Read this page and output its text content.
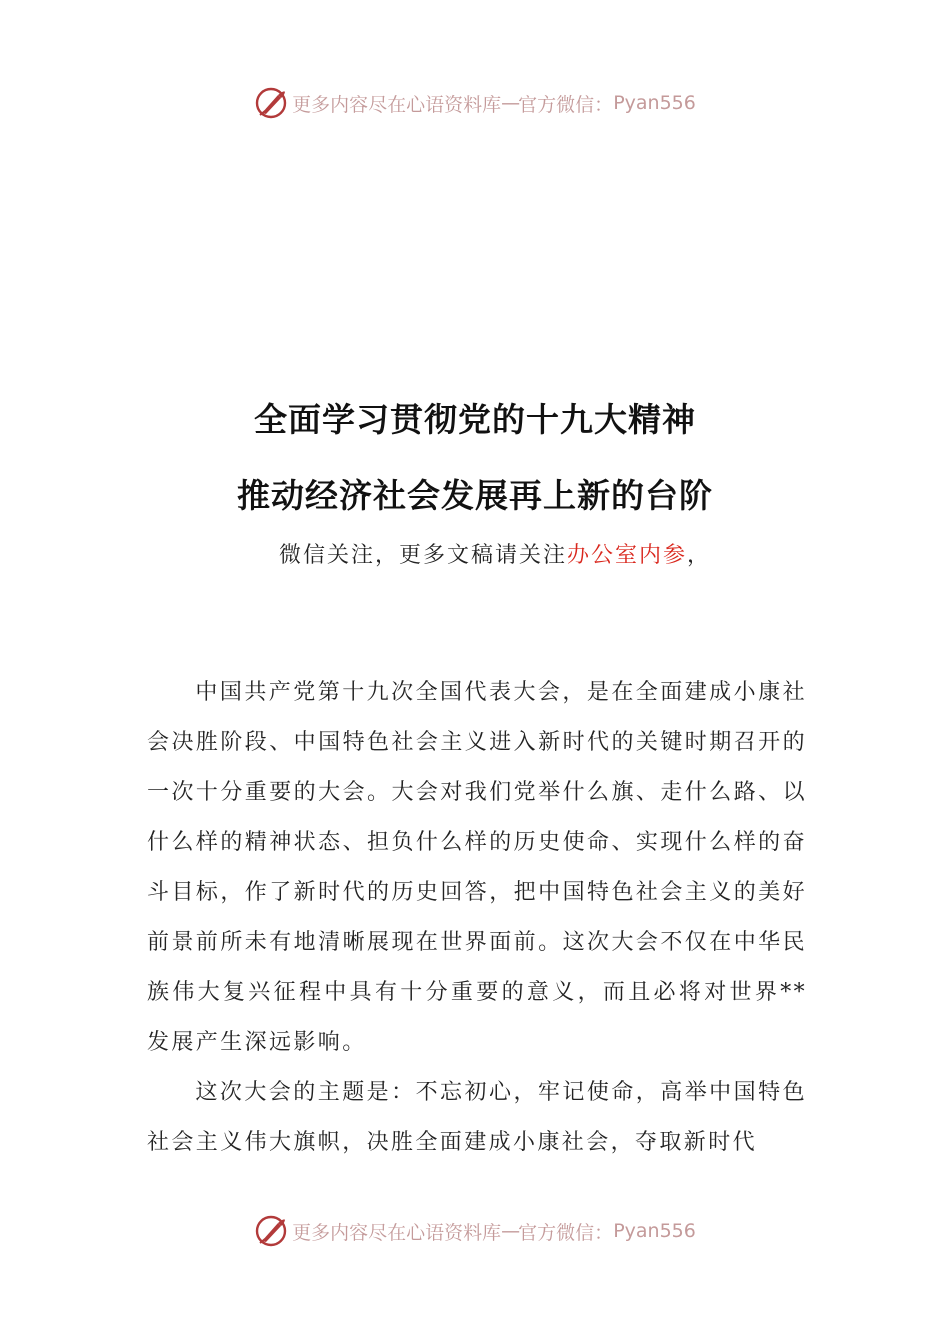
更多内容尽在心语资料库 — 官方微信： Pyan556
全面学习贯彻党的十九大精神
推动经济社会发展再上新的台阶
微信关注，更多文稿请关注办公室内参，

中国共产党第十九次全国代表大会，是在全面建成小康社会决胜阶段、中国特色社会主义进入新时代的关键时期召开的一次十分重要的大会。大会对我们党举什么旗、走什么路、以什么样的精神状态、担负什么样的历史使命、实现什么样的奋斗目标，作了新时代的历史回答，把中国特色社会主义的美好前景前所未有地清晰展现在世界面前。这次大会不仅在中华民族伟大复兴征程中具有十分重要的意义，而且必将对世界**发展产生深远影响。

这次大会的主题是：不忘初心，牢记使命，高举中国特色社会主义伟大旗帜，决胜全面建成小康社会，夺取新时代

更多内容尽在心语资料库 — 官方微信： Pyan556
